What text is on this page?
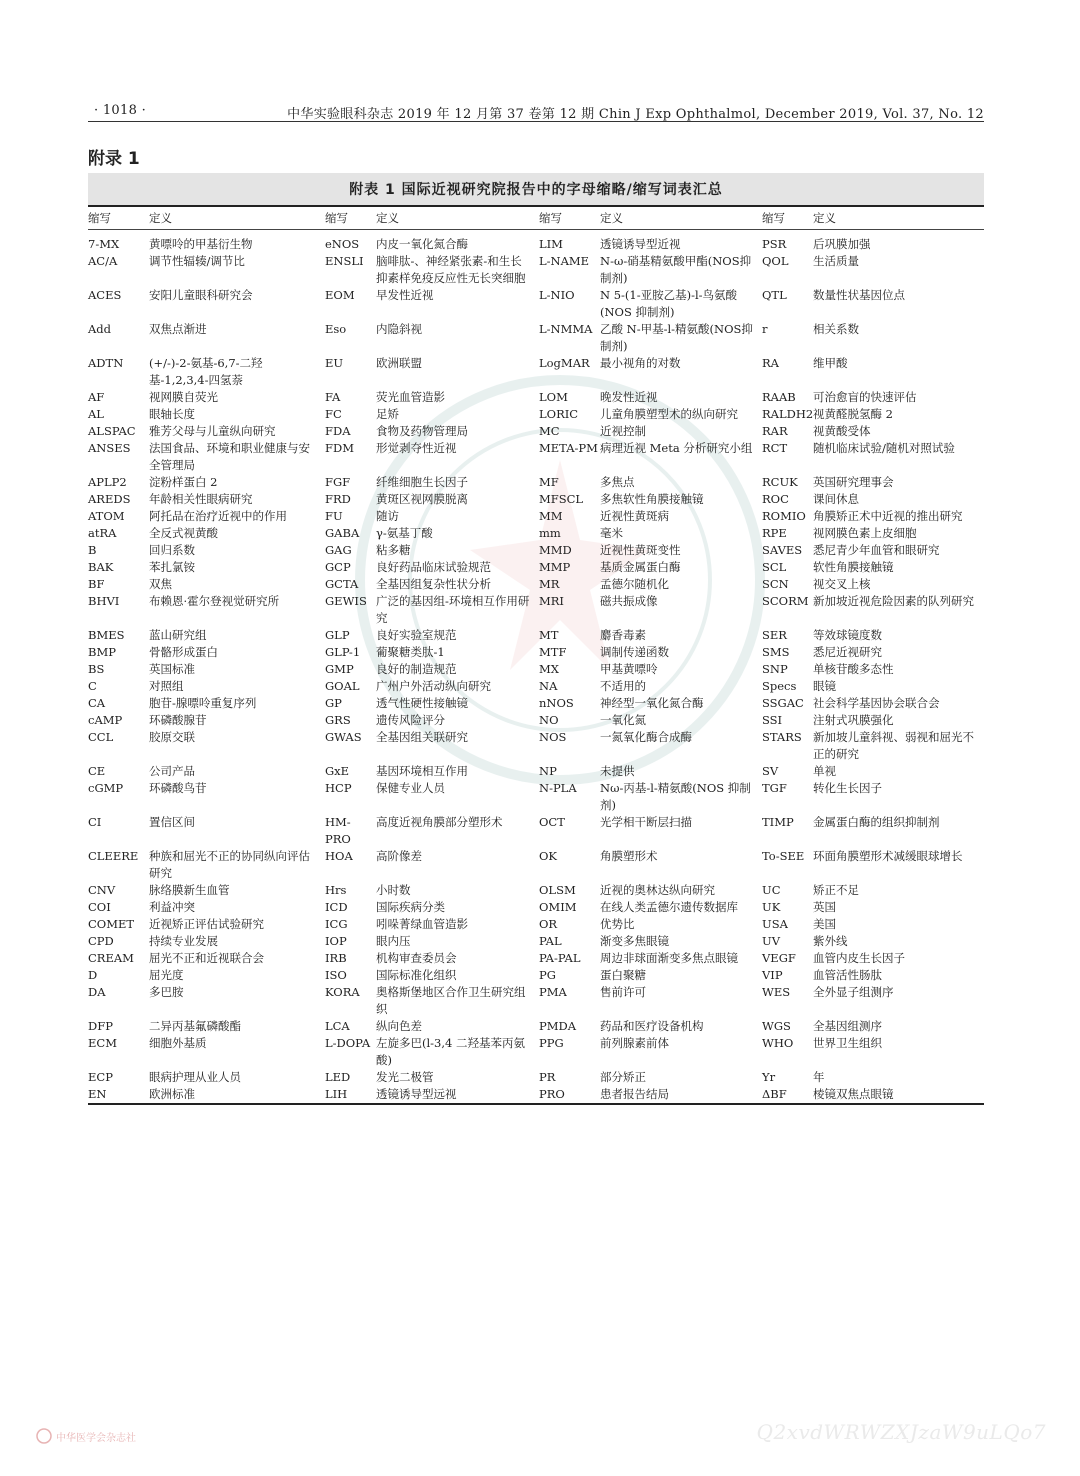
· 1018 ·	中华实验眼科杂志 2019 年 12 月第 37 卷第 12 期 Chin J Exp Ophthalmol, December 2019, Vol. 37, No. 12
附录 1
附表 1 国际近视研究院报告中的字母缩略/缩写词表汇总
缩写	定义	缩写	定义	缩写	定义	缩写	定义
7-MX	黄嘌呤的甲基衍生物	eNOS	内皮一氧化氮合酶	LIM	透镜诱导型近视	PSR	后巩膜加强
AC/A	调节性辐辏/调节比	ENSLI	脑啡肽-、神经紧张素-和生长抑素样免疫反应性无长突细胞	L-NAME	N-ω-硝基精氨酸甲酯(NOS抑制剂)	QOL	生活质量
ACES	安阳儿童眼科研究会	EOM	早发性近视	L-NIO	N 5-(1-亚胺乙基)-l-鸟氨酸(NOS 抑制剂)	QTL	数量性状基因位点
Add	双焦点渐进	Eso	内隐斜视	L-NMMA	乙酸 N-甲基-l-精氨酸(NOS抑制剂)	r	相关系数
ADTN	(+/-)-2-氨基-6,7-二羟基-1,2,3,4-四氢萘	EU	欧洲联盟	LogMAR	最小视角的对数	RA	维甲酸
AF	视网膜自荧光	FA	荧光血管造影	LOM	晚发性近视	RAAB	可治愈盲的快速评估
AL	眼轴长度	FC	足矫	LORIC	儿童角膜塑型术的纵向研究	RALDH2	视黄醛脱氢酶 2
ALSPAC	雅芳父母与儿童纵向研究	FDA	食物及药物管理局	MC	近视控制	RAR	视黄酸受体
ANSES	法国食品、环境和职业健康与安全管理局	FDM	形觉剥夺性近视	META-PM	病理近视 Meta 分析研究小组	RCT	随机临床试验/随机对照试验
APLP2	淀粉样蛋白 2	FGF	纤维细胞生长因子	MF	多焦点	RCUK	英国研究理事会
AREDS	年龄相关性眼病研究	FRD	黄斑区视网膜脱离	MFSCL	多焦软性角膜接触镜	ROC	课间休息
ATOM	阿托品在治疗近视中的作用	FU	随访	MM	近视性黄斑病	ROMIO	角膜矫正术中近视的推出研究
atRA	全反式视黄酸	GABA	γ-氨基丁酸	mm	毫米	RPE	视网膜色素上皮细胞
B	回归系数	GAG	粘多糖	MMD	近视性黄斑变性	SAVES	悉尼青少年血管和眼研究
BAK	苯扎氯铵	GCP	良好药品临床试验规范	MMP	基质金属蛋白酶	SCL	软性角膜接触镜
BF	双焦	GCTA	全基因组复杂性状分析	MR	孟德尔随机化	SCN	视交叉上核
BHVI	布赖恩·霍尔登视觉研究所	GEWIS	广泛的基因组-环境相互作用研究	MRI	磁共振成像	SCORM	新加坡近视危险因素的队列研究
BMES	蓝山研究组	GLP	良好实验室规范	MT	麝香毒素	SER	等效球镜度数
BMP	骨骼形成蛋白	GLP-1	葡聚糖类肽-1	MTF	调制传递函数	SMS	悉尼近视研究
BS	英国标准	GMP	良好的制造规范	MX	甲基黄嘌呤	SNP	单核苷酸多态性
C	对照组	GOAL	广州户外活动纵向研究	NA	不适用的	Specs	眼镜
CA	胞苷-腺嘌呤重复序列	GP	透气性硬性接触镜	nNOS	神经型一氧化氮合酶	SSGAC	社会科学基因协会联合会
cAMP	环磷酸腺苷	GRS	遗传风险评分	NO	一氧化氮	SSI	注射式巩膜强化
CCL	胶原交联	GWAS	全基因组关联研究	NOS	一氮氧化酶合成酶	STARS	新加坡儿童斜视、弱视和屈光不正的研究
CE	公司产品	GxE	基因环境相互作用	NP	未提供	SV	单视
cGMP	环磷酸鸟苷	HCP	保健专业人员	N-PLA	Nω-丙基-l-精氨酸(NOS 抑制剂)	TGF	转化生长因子
CI	置信区间	HM-PRO	高度近视角膜部分塑形术	OCT	光学相干断层扫描	TIMP	金属蛋白酶的组织抑制剂
CLEERE	种族和屈光不正的协同纵向评估研究	HOA	高阶像差	OK	角膜塑形术	To-SEE	环面角膜塑形术减缓眼球增长
CNV	脉络膜新生血管	Hrs	小时数	OLSM	近视的奥林达纵向研究	UC	矫正不足
COI	利益冲突	ICD	国际疾病分类	OMIM	在线人类孟德尔遗传数据库	UK	英国
COMET	近视矫正评估试验研究	ICG	吲哚菁绿血管造影	OR	优势比	USA	美国
CPD	持续专业发展	IOP	眼内压	PAL	渐变多焦眼镜	UV	紫外线
CREAM	屈光不正和近视联合会	IRB	机构审查委员会	PA-PAL	周边非球面渐变多焦点眼镜	VEGF	血管内皮生长因子
D	屈光度	ISO	国际标准化组织	PG	蛋白聚糖	VIP	血管活性肠肽
DA	多巴胺	KORA	奥格斯堡地区合作卫生研究组织	PMA	售前许可	WES	全外显子组测序
DFP	二异丙基氟磷酸酯	LCA	纵向色差	PMDA	药品和医疗设备机构	WGS	全基因组测序
ECM	细胞外基质	L-DOPA	左旋多巴(l-3,4 二羟基苯丙氨酸)	PPG	前列腺素前体	WHO	世界卫生组织
ECP	眼病护理从业人员	LED	发光二极管	PR	部分矫正	Yr	年
EN	欧洲标准	LIH	透镜诱导型远视	PRO	患者报告结局	ΔBF	棱镜双焦点眼镜
中华医学会杂志社	Q2xvdWRWZXJzaW9uLQo7
